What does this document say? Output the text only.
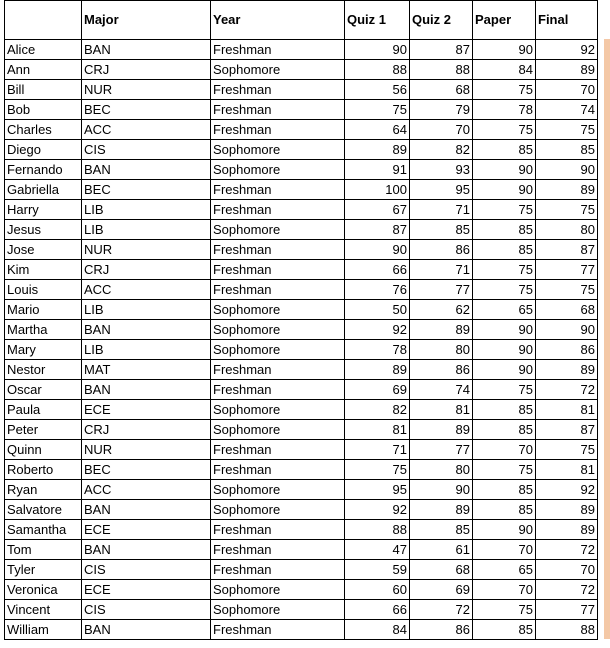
	Major	Year	Quiz 1	Quiz 2	Paper	Final
Alice	BAN	Freshman	90	87	90	92
Ann	CRJ	Sophomore	88	88	84	89
Bill	NUR	Freshman	56	68	75	70
Bob	BEC	Freshman	75	79	78	74
Charles	ACC	Freshman	64	70	75	75
Diego	CIS	Sophomore	89	82	85	85
Fernando	BAN	Sophomore	91	93	90	90
Gabriella	BEC	Freshman	100	95	90	89
Harry	LIB	Freshman	67	71	75	75
Jesus	LIB	Sophomore	87	85	85	80
Jose	NUR	Freshman	90	86	85	87
Kim	CRJ	Freshman	66	71	75	77
Louis	ACC	Freshman	76	77	75	75
Mario	LIB	Sophomore	50	62	65	68
Martha	BAN	Sophomore	92	89	90	90
Mary	LIB	Sophomore	78	80	90	86
Nestor	MAT	Freshman	89	86	90	89
Oscar	BAN	Freshman	69	74	75	72
Paula	ECE	Sophomore	82	81	85	81
Peter	CRJ	Sophomore	81	89	85	87
Quinn	NUR	Freshman	71	77	70	75
Roberto	BEC	Freshman	75	80	75	81
Ryan	ACC	Sophomore	95	90	85	92
Salvatore	BAN	Sophomore	92	89	85	89
Samantha	ECE	Freshman	88	85	90	89
Tom	BAN	Freshman	47	61	70	72
Tyler	CIS	Freshman	59	68	65	70
Veronica	ECE	Sophomore	60	69	70	72
Vincent	CIS	Sophomore	66	72	75	77
William	BAN	Freshman	84	86	85	88
